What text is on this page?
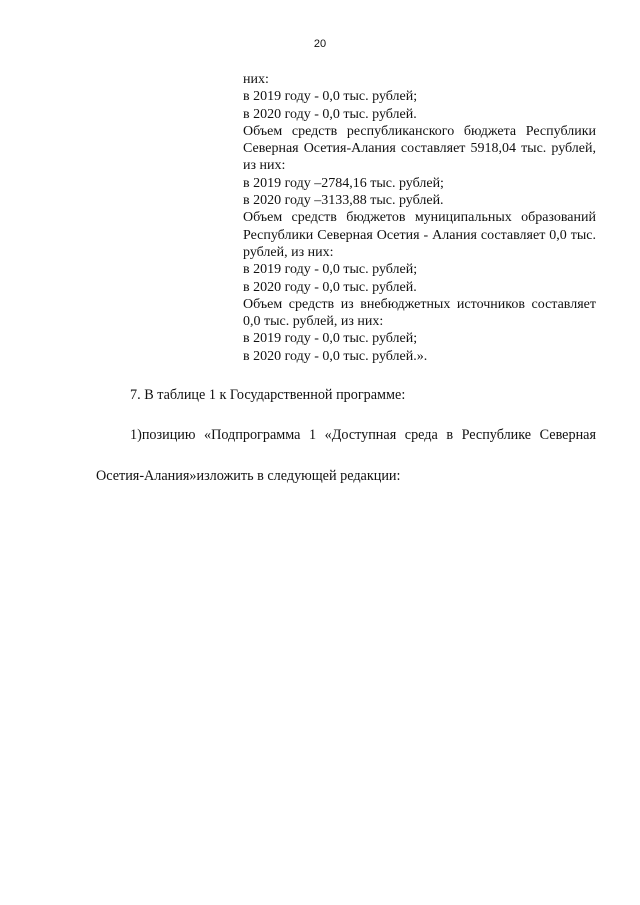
20

них:

в 2019 году - 0,0 тыс. рублей;

в 2020 году - 0,0 тыс. рублей.

Объем средств республиканского бюджета Республики Северная Осетия-Алания составляет 5918,04 тыс. рублей, из них:

в 2019 году –2784,16 тыс. рублей;

в 2020 году –3133,88 тыс. рублей.

Объем средств бюджетов муниципальных образований Республики Северная Осетия - Алания составляет 0,0 тыс. рублей, из них:

в 2019 году - 0,0 тыс. рублей;

в 2020 году - 0,0 тыс. рублей.

Объем средств из внебюджетных источников составляет 0,0 тыс. рублей, из них:

в 2019 году - 0,0 тыс. рублей;

в 2020 году - 0,0 тыс. рублей.».

7. В таблице 1 к Государственной программе:
1)позицию «Подпрограмма 1 «Доступная среда в Республике Северная
Осетия-Алания»изложить в следующей редакции:
